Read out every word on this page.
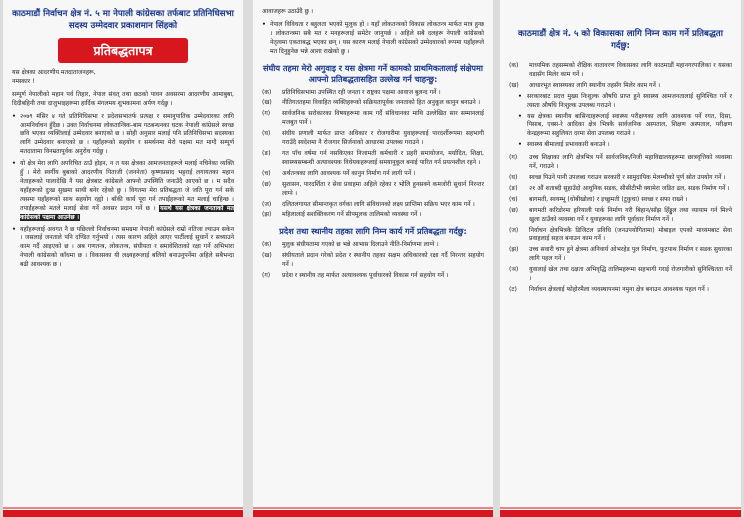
काठमाडौं निर्वाचन क्षेत्र नं. ५ मा नेपाली कांग्रेसका तर्फबाट प्रतिनिधिसभा सदस्य उम्मेदवार प्रकाशमान सिंहको

प्रतिबद्धतापत्र

यस क्षेत्रका आदरणीय मतदाताजनहरू,

नमस्कार !

सम्पूर्ण नेपालीको महान पर्व तिहार, नेपाल संवत् तथा छठको पावन अवसरमा आदरणीय आमाबुबा, दिदीबहिनी तथा दाजुभाइहरूमा हार्दिक मंगलमय शुभकामना अर्पण गर्दछु ।

• २०७९ मंसिर ४ गते प्रतिनिधिसभा र प्रदेशसभातर्फ प्रत्यक्ष र समानुपातिक उम्मेदवारका लागि आमनिर्वाचन हुँदैछ । उक्त निर्वाचनमा लोकतान्त्रिक-बाम गठबन्धनका घटक नेपाली कांग्रेसले स्वच्छ छवि भएका व्यक्तिलाई उम्मेदवार बनाएको छ । सोही अनुसार मलाई पनि प्रतिनिधिसभा सदस्यका लागि उम्मेदवार बनाएको छ । यहाँहरूको सहयोग र समर्थनमा मेरो पक्षमा मत माग्दै सम्पूर्ण मतदातामा विनम्रतापूर्वक अनुरोध गर्दछु ।
• यो क्षेत्र मेरा लागि अपरिचित ठाउँ होइन, न त यस क्षेत्रका आमजनताहरूले मलाई नचिनेका व्यक्ति हुँ । मेरो स्वर्गीय बुबाको आदरणीय पिताजी (जननेता) कृष्णप्रसाद भट्टराई लगायतका महान नेताहरूको पालादेखि नै यस क्षेत्रबाट कांग्रेसले आफ्नो उपस्थिति जनाउँदै आएको छ । म सदैव यहाँहरूको दुःख सुखमा साथी बनेर रहेको छु । विगतमा मेरा प्रतिबद्धता जे जति पूरा गर्न सकें त्यसमा यहाँहरूको साथ सहयोग रह्यो । बाँकी कार्य पूरा गर्न तपाईंहरूको मत मलाई चाहिन्छ । तपाईंहरूको मतले मलाई सेवा गर्ने अवसर प्रदान गर्ने छ । यसर्थ यस क्षेत्रका जनताको मत कांग्रेसको पक्षमा आउनेछ ।
• यहाँहरूलाई अवगत नै छ पछिल्लो निर्वाचनमा समग्रमा नेपाली कांग्रेसले राम्रो नतिजा ल्याउन सकेन । जसलाई जनताले पनि दण्डित गर्नुभयो । त्यस कारण अहिले आएर पार्टीलाई सुधार्ने र सच्याउने काम गर्दै आइएको छ । अब गणतन्त्र, लोकतन्त्र, संघीयता र समावेशिताको रक्षा गर्ने अभिभारा नेपाली कांग्रेसको काँधमा छ । विकासका यी लक्ष्यहरूलाई बलियो बनाउनुपर्नेमा अहिले सबैभन्दा बढी आवश्यक छ ।

आवाजहरू उठाउँदै छु ।

• नेपाल विविधता र बहुलता भएको मुलुक हो । यहाँ लोकतन्त्रको विकास लोकतन्त्र मार्फत मात्र हुन्छ । लोकतन्त्रमा सबै मत र मनहरूलाई समेटेर जानुपर्छ । अहिले सबै दलहरू नेपाली कांग्रेसको नेतृत्वमा एकताबद्ध भएका छन् । यस कारण मलाई नेपाली कांग्रेसको उम्मेदवारको रूपमा यहाँहरूले मत दिनुहुनेछ भन्ने आशा राखेको छु ।

संघीय तहमा मेरो अगुवाइ र यस क्षेत्रमा गर्ने कामको प्राथमिकतालाई संक्षेपमा आफ्नो प्रतिबद्धतासहित उल्लेख गर्न चाहन्छु:

(क)	प्रतिनिधिसभामा उपस्थित रही जनता र राष्ट्रका पक्षमा आवाज बुलन्द गर्ने ।
(ख)	नीतिगततहमा विवाहित व्यक्तिहरूको सक्रियतापूर्वक जनताको हित अनुकूल कानुन बनाउने ।
(ग)	सार्वजनिक सरोकारका विषयहरूमा काम गर्दै संविधानका माथि उल्लेखित सार सम्मानलाई मजबुत पार्ने ।
(घ)	संघीय प्रणाली मार्फत प्राप्त अधिकार र रोजगारीमा युवाहरूलाई पारदर्शीरूपमा सहभागी गराउँदै स्वदेशमा नै रोजगार सिर्जनाको आधारमा उपलब्ध गराउने ।
(ङ)	गत पाँच वर्षमा गर्न नसकिएका निजामती कर्मचारी र प्रहरी समायोजन, मर्यादित, शिक्षा, स्वास्थ्यसम्बन्धी अत्यावश्यक विधेयकहरूलाई समयानुकूल बनाई पारित गर्न प्रयत्नशील रहने ।
(च)	अर्थतन्त्रका लागि आवश्यक पर्ने कानुन निर्माण गर्न लागी पर्ने ।
(छ)	सुशासन, पारदर्शिता र सेवा प्रवाहमा अहिले रहेका र भोलि हुनसक्ने कमजोरी सुधार्न निरन्तर लाग्ने ।
(ज)	दलितलगायत सीमान्तकृत वर्गका लागि संविधानको लक्ष्य प्राप्तिमा सक्रिय भएर काम गर्ने ।
(झ)	महिलालाई सशक्तिकरण गर्ने सीपमूलक तालिमको व्यवस्था गर्ने ।

प्रदेश तथा स्थानीय तहका लागि निम्न कार्य गर्ने प्रतिबद्धता गर्दछु:

(क)	मुलुक संघीयतामा गएको छ भन्ने आभास दिलाउने नीति-निर्माणमा लाग्ने ।
(ख)	संघीयताले प्रदान गरेको प्रदेश र स्थानीय तहका सक्षम अधिकारको रक्षा गर्दै निरन्तर सहयोग गर्ने ।
(ग)	प्रदेश र स्थानीय तह मार्फत अत्यावश्यक पूर्वाधारको विकास गर्न सहयोग गर्ने ।

काठमाडौं क्षेत्र नं. ५ को विकासका लागि निम्न काम गर्ने प्रतिबद्धता गर्दछु:

(क)	माध्यमिक तहसम्मको शैक्षिक वातावरण विकासका लागि काठमाडौं महानगरपालिका र यसका वडासँग मिलेर काम गर्ने ।
(ख)	आधारभूत स्वास्थ्यका लागि स्थानीय तहसँग मिलेर काम गर्ने ।
• सरकारबाट प्रदत्त मुख्य निःशुल्क औषधि प्राप्त हुने स्वास्थ्य आमजनतालाई सुनिश्चित गर्ने र त्यस्ता औषधि निःशुल्क उपलब्ध गराउने ।
• यस क्षेत्रका स्थानीय बासिन्दाहरूलाई स्वास्थ्य परीक्षणका लागि आवश्यक पर्ने रगत, दिसा, पिसाब, एक्स-रे आदिका क्षेत्र भित्रकै सार्वजनिक अस्पताल, शिक्षण अस्पताल, परीक्षण केन्द्रहरूमा सहुलियत दरमा सेवा उपलब्ध गराउने ।
• स्वास्थ्य बीमालाई प्रभावकारी बनाउने ।
(ग)	उच्च शिक्षाका लागि क्षेत्रभित्र पर्ने सार्वजनिक/निजी महाविद्यालयहरूमा छात्रवृत्तिको व्यवस्था गर्ने, गराउने ।
(घ)	स्वच्छ पिउने पानी उपलब्ध गराउन सरकारी र सामुदायिक मेलम्चीको पूर्ण स्रोत उपयोग गर्ने ।
(ङ)	२१ औं शताब्दी सुहाउँदो आधुनिक सडक, सीसीटीभी क्यामेरा जडित ढल, सडक निर्माण गर्ने ।
(च)	बागमती, स्वयम्भू (धोबीखोला) र इच्छुमती (टुकुचा) स्वच्छ र सफा राख्ने ।
(छ)	बागमती करिडोरमा हरियाली पार्क निर्माण गरी बिहान/साँझ हिँड्डुल तथा व्यायाम गर्न मिल्ने खुला ठाउँको व्यवस्था गर्ने र युवाहरूका लागि पूर्वाधार निर्माण गर्ने ।
(ज)	निर्वाचन क्षेत्रभित्रकै डिजिटल प्रविधि (जनउपयोगितामा) मोबाइल एपको माध्यमबाट सेवा प्रवाहलाई सहज बनाउन काम गर्ने ।
(झ)	उच्च सवारी चाप हुने क्षेत्रमा अनिवार्य ओभरहेड पुल निर्माण, फुटपाथ निर्माण र सडक सुधारका लागि पहल गर्ने ।
(ञ)	युवालाई खेल तथा दक्षता अभिवृद्धि तालिमहरूमा सहभागी गराई रोजगारीको सुनिश्चितता गर्ने ।
(ट)	निर्वाचन क्षेत्रलाई फोहोरमैला व्यवस्थापनमा नमुना क्षेत्र बनाउन आवश्यक पहल गर्ने ।
